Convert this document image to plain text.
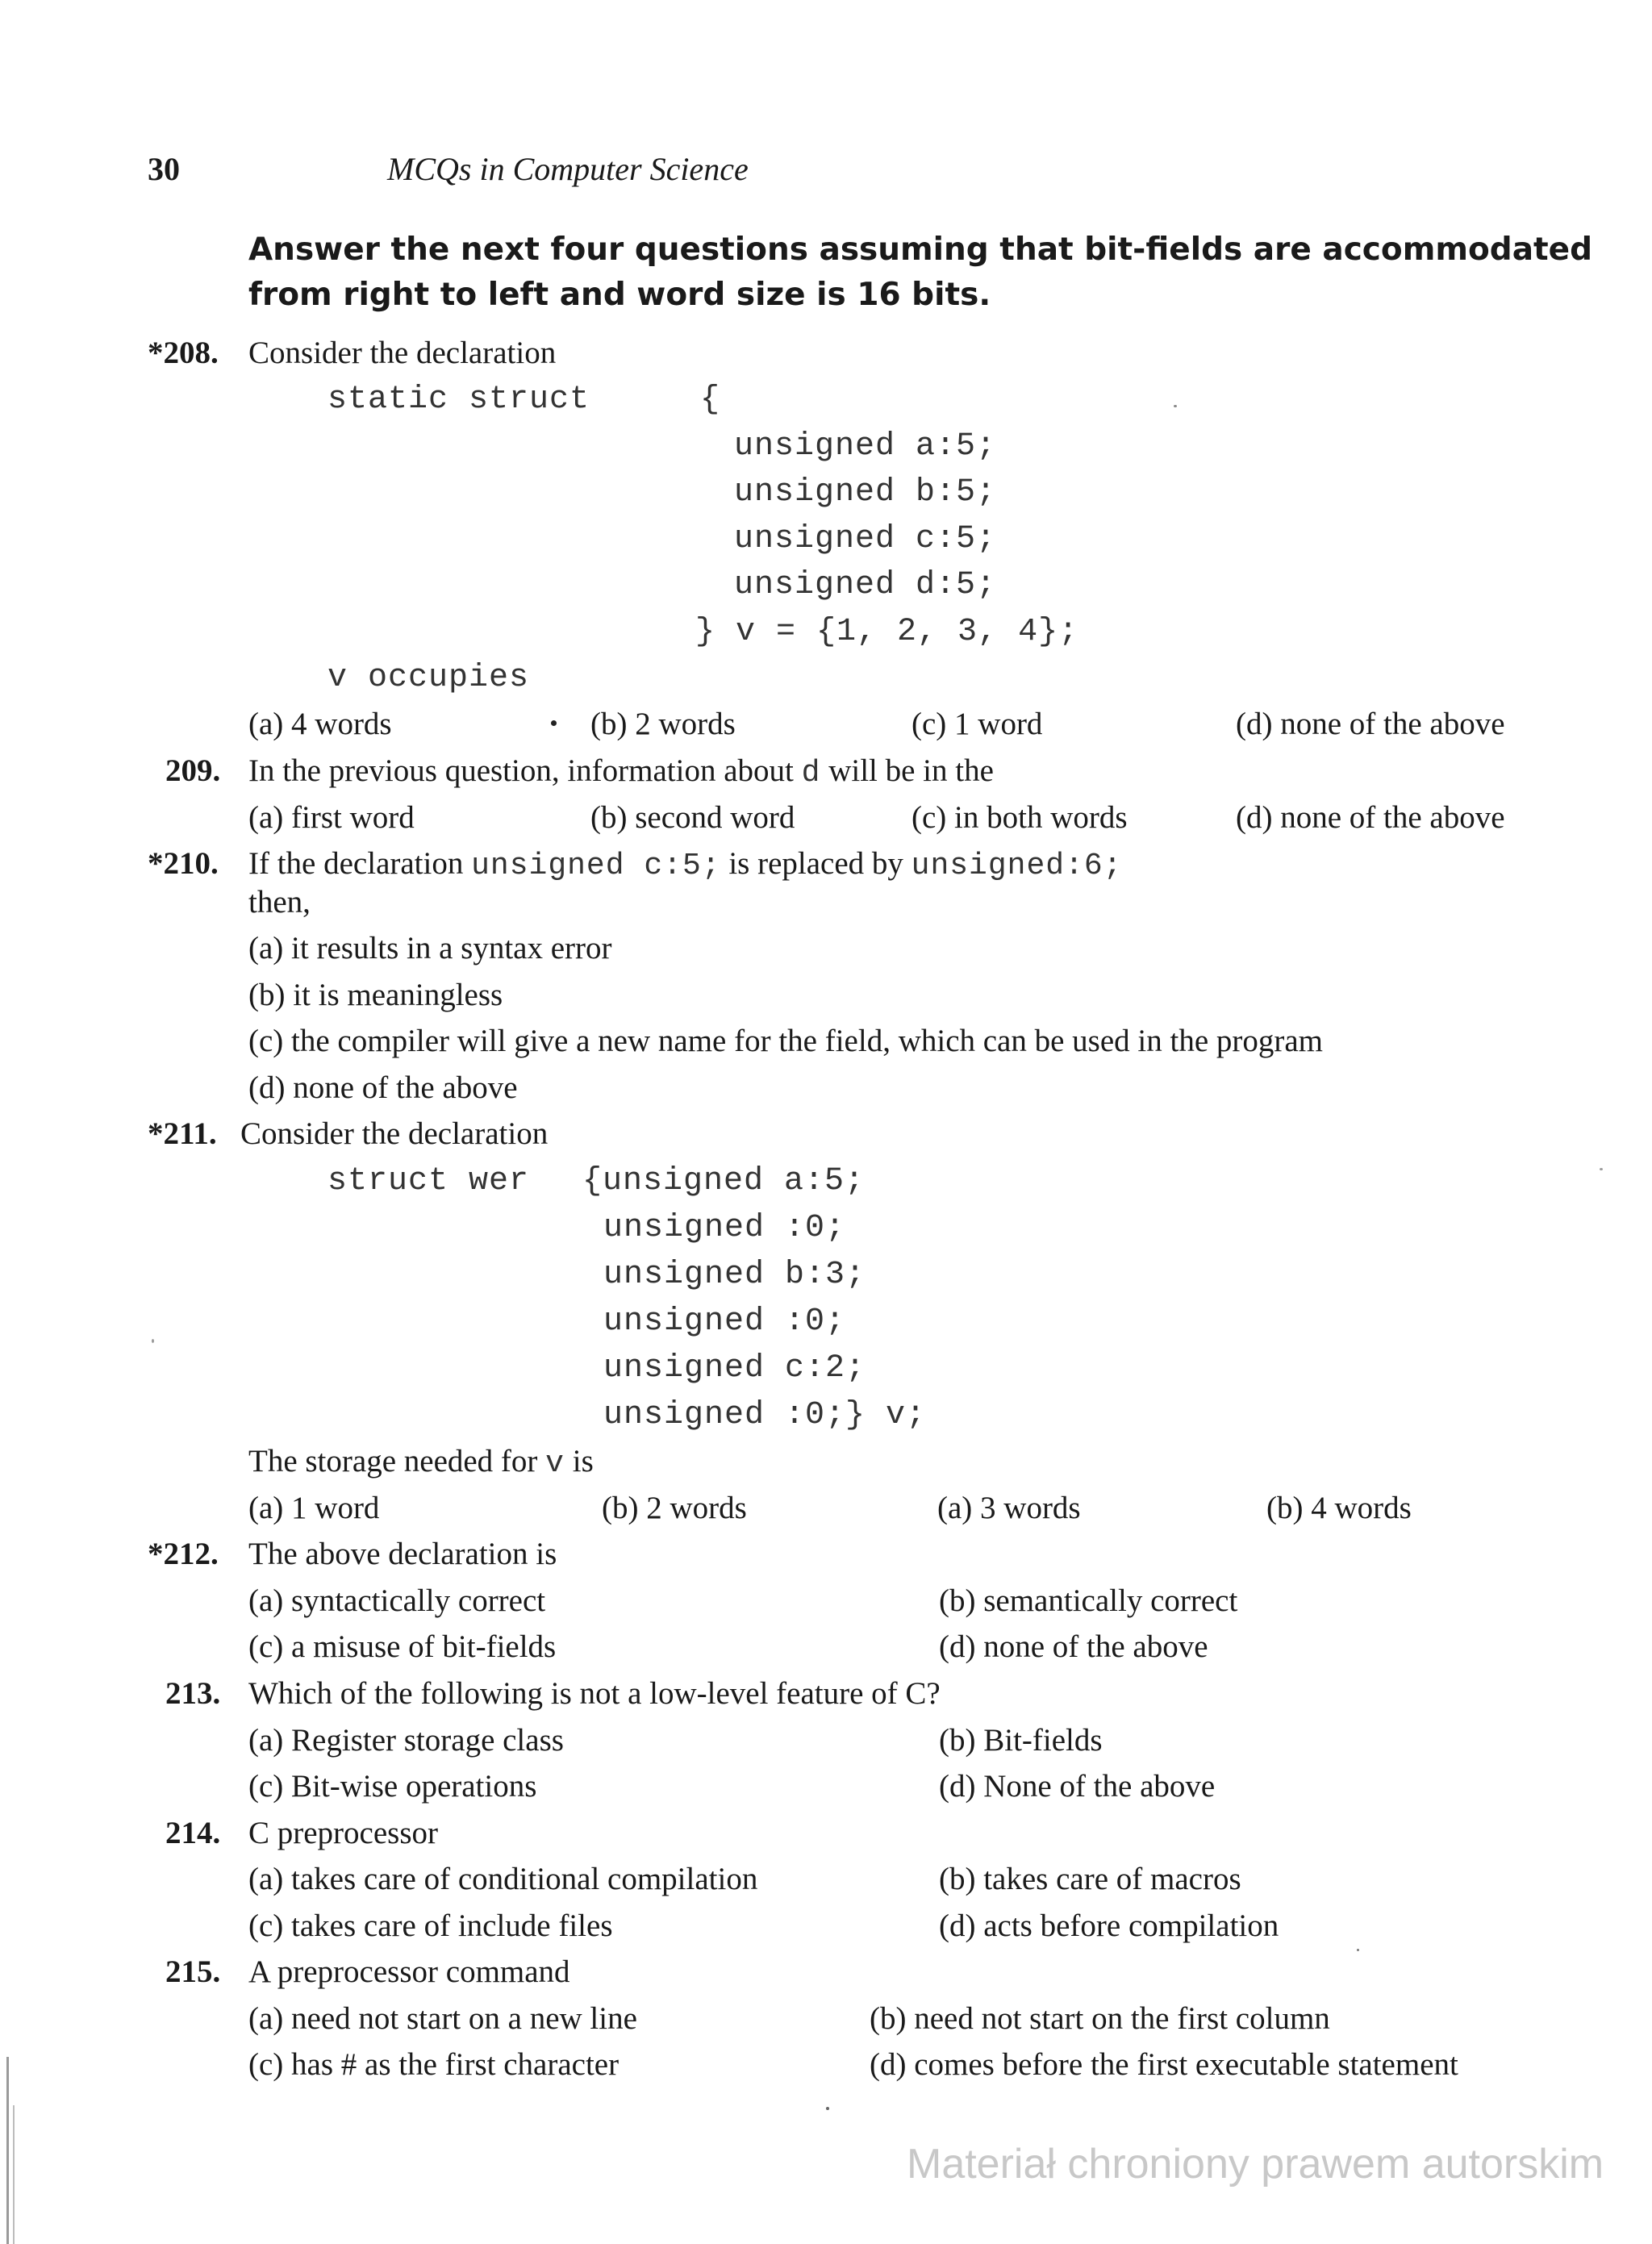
30	MCQs in Computer Science
Answer the next four questions assuming that bit-fields are accommodated from right to left and word size is 16 bits.
*208. Consider the declaration
static struct	{
unsigned a:5;
unsigned b:5;
unsigned c:5;
unsigned d:5;
} v = {1, 2, 3, 4};
v occupies
(a) 4 words	(b) 2 words	(c) 1 word	(d) none of the above
209. In the previous question, information about d will be in the
(a) first word	(b) second word	(c) in both words	(d) none of the above
*210. If the declaration unsigned c:5; is replaced by unsigned:6;
then,
(a) it results in a syntax error
(b) it is meaningless
(c) the compiler will give a new name for the field, which can be used in the program
(d) none of the above
*211. Consider the declaration
struct wer {unsigned a:5;
unsigned :0;
unsigned b:3;
unsigned :0;
unsigned c:2;
unsigned :0;} v;
The storage needed for v is
(a) 1 word	(b) 2 words	(a) 3 words	(b) 4 words
*212. The above declaration is
(a) syntactically correct	(b) semantically correct
(c) a misuse of bit-fields	(d) none of the above
213. Which of the following is not a low-level feature of C?
(a) Register storage class	(b) Bit-fields
(c) Bit-wise operations	(d) None of the above
214. C preprocessor
(a) takes care of conditional compilation	(b) takes care of macros
(c) takes care of include files	(d) acts before compilation
215. A preprocessor command
(a) need not start on a new line	(b) need not start on the first column
(c) has # as the first character	(d) comes before the first executable statement
Materiał chroniony prawem autorskim
